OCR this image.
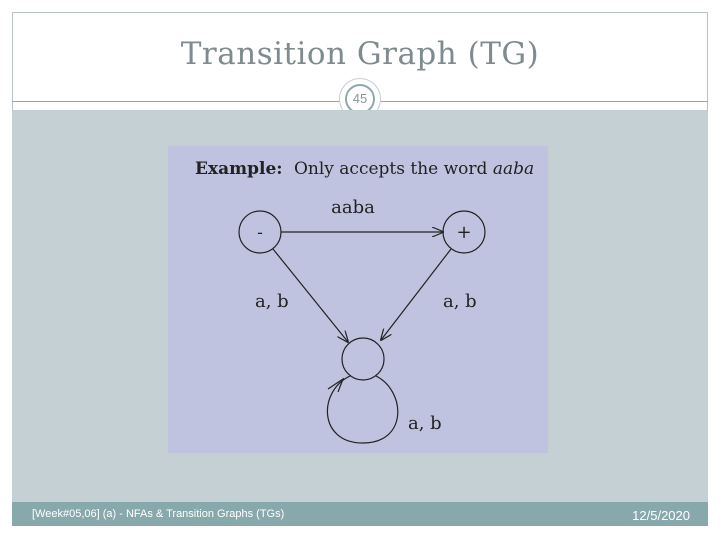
Transition Graph (TG)
45
Example: Only accepts the word aaba
-	+
aaba
a, b	a, b
a, b
[Week#05,06] (a) - NFAs & Transition Graphs (TGs)	12/5/2020
